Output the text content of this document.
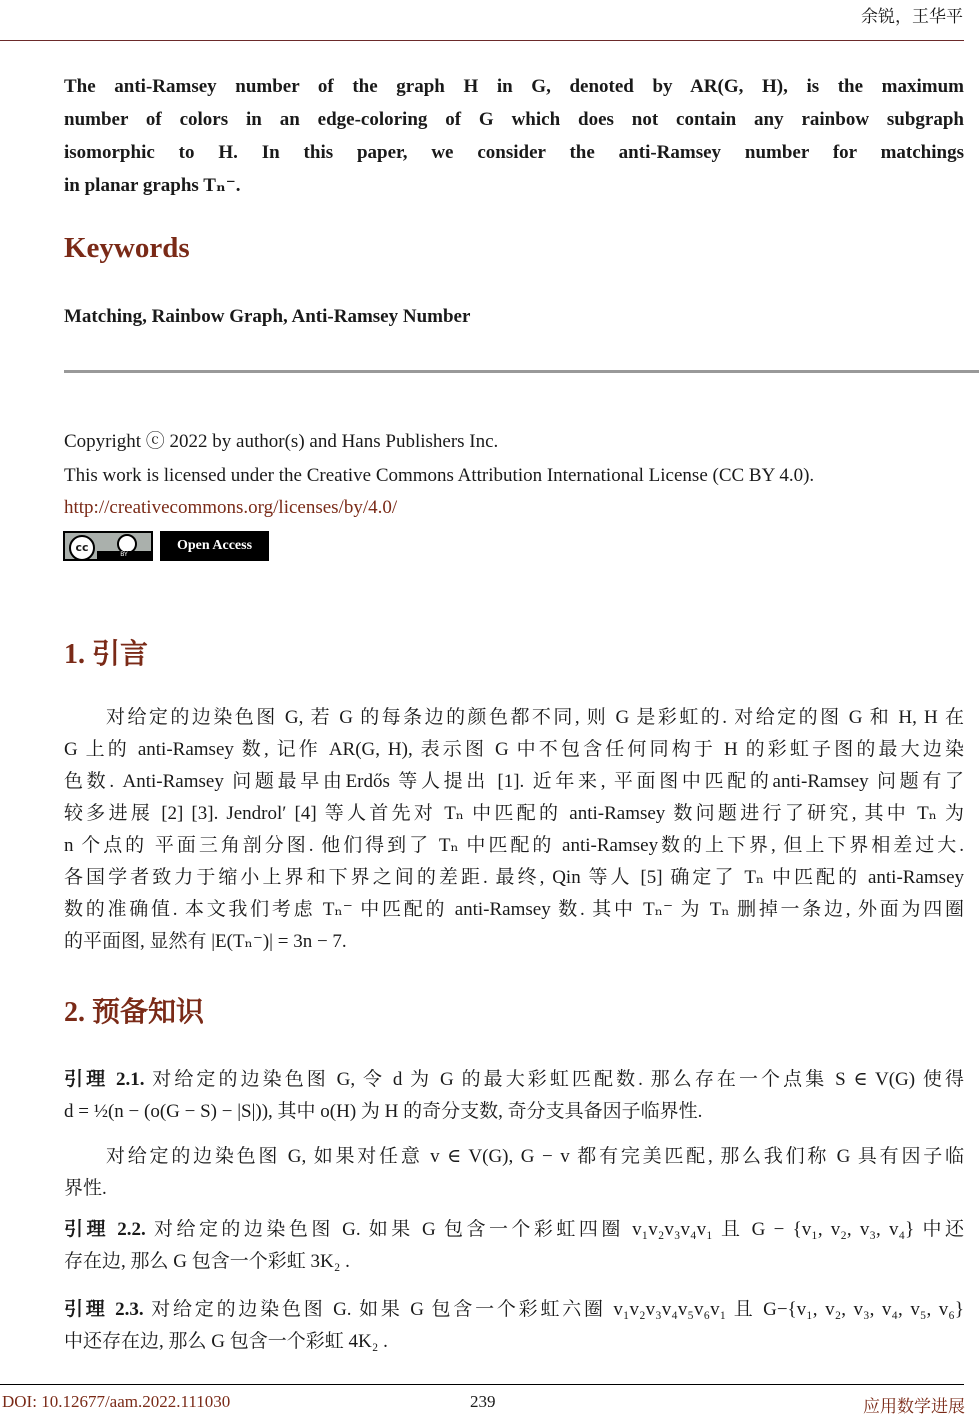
余锐，王华平
The anti-Ramsey number of the graph H in G, denoted by AR(G, H), is the maximum
number of colors in an edge-coloring of G which does not contain any rainbow subgraph
isomorphic to H. In this paper, we consider the anti-Ramsey number for matchings
in planar graphs Tₙ⁻.
Keywords
Matching, Rainbow Graph, Anti-Ramsey Number
Copyright ⓒ 2022 by author(s) and Hans Publishers Inc.
This work is licensed under the Creative Commons Attribution International License (CC BY 4.0).
http://creativecommons.org/licenses/by/4.0/
cc
BY
Open Access
1. 引言
对给定的边染色图 G, 若 G 的每条边的颜色都不同, 则 G 是彩虹的. 对给定的图 G 和 H, H 在
G 上的 anti-Ramsey 数, 记作 AR(G, H), 表示图 G 中不包含任何同构于 H 的彩虹子图的最大边染
色数. Anti-Ramsey 问题最早由Erdős 等人提出 [1]. 近年来, 平面图中匹配的anti-Ramsey 问题有了
较多进展 [2] [3]. Jendrol′ [4] 等人首先对 Tₙ 中匹配的 anti-Ramsey 数问题进行了研究, 其中 Tₙ 为
n 个点的 平面三角剖分图. 他们得到了 Tₙ 中匹配的 anti-Ramsey数的上下界, 但上下界相差过大.
各国学者致力于缩小上界和下界之间的差距. 最终, Qin 等人 [5] 确定了 Tₙ 中匹配的 anti-Ramsey
数的准确值. 本文我们考虑 Tₙ⁻ 中匹配的 anti-Ramsey 数. 其中 Tₙ⁻ 为 Tₙ 删掉一条边, 外面为四圈
的平面图, 显然有 |E(Tₙ⁻)| = 3n − 7.
2. 预备知识
引理 2.1. 对给定的边染色图 G, 令 d 为 G 的最大彩虹匹配数. 那么存在一个点集 S ∈ V(G) 使得
d = ½(n − (o(G − S) − |S|)), 其中 o(H) 为 H 的奇分支数, 奇分支具备因子临界性.
对给定的边染色图 G, 如果对任意 v ∈ V(G), G − v 都有完美匹配, 那么我们称 G 具有因子临
界性.
引理 2.2. 对给定的边染色图 G. 如果 G 包含一个彩虹四圈 v₁v₂v₃v₄v₁ 且 G − {v₁, v₂, v₃, v₄} 中还
存在边, 那么 G 包含一个彩虹 3K₂ .
引理 2.3. 对给定的边染色图 G. 如果 G 包含一个彩虹六圈 v₁v₂v₃v₄v₅v₆v₁ 且 G−{v₁, v₂, v₃, v₄, v₅, v₆}
中还存在边, 那么 G 包含一个彩虹 4K₂ .
DOI: 10.12677/aam.2022.111030	239	应用数学进展
